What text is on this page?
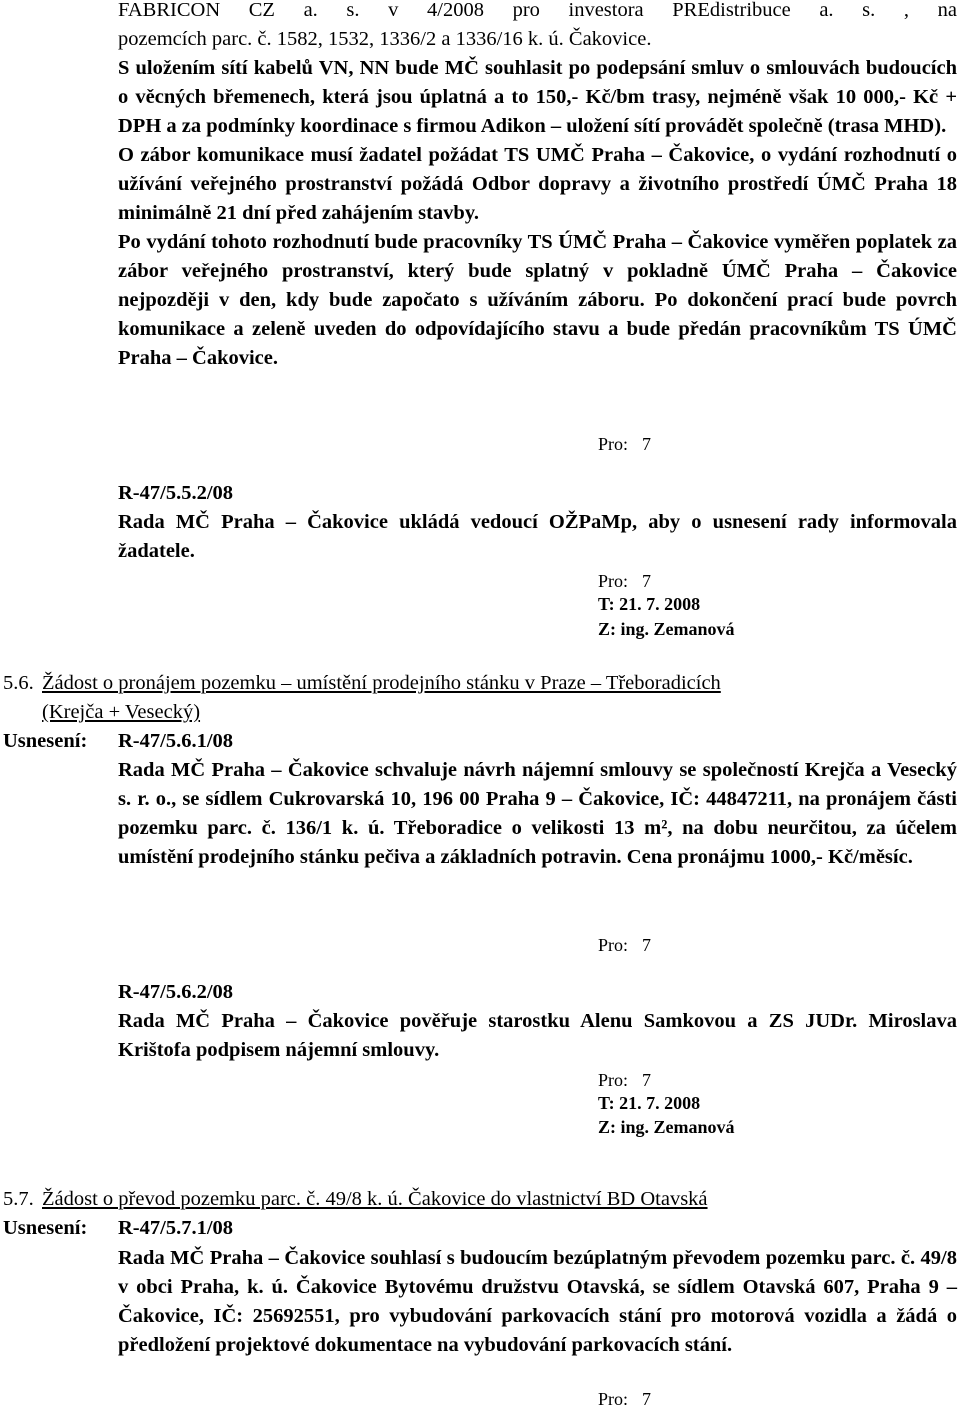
FABRICON CZ a. s. v 4/2008 pro investora PREdistribuce a. s. , na

pozemcích parc. č. 1582, 1532, 1336/2 a 1336/16 k. ú. Čakovice.

S uložením sítí kabelů VN, NN bude MČ souhlasit po podepsání smluv o smlouvách budoucích o věcných břemenech, která jsou úplatná a to 150,- Kč/bm trasy, nejméně však 10 000,- Kč + DPH a za podmínky koordinace s firmou Adikon – uložení sítí provádět společně (trasa MHD).

O zábor komunikace musí žadatel požádat TS UMČ Praha – Čakovice, o vydání rozhodnutí o užívání veřejného prostranství požádá Odbor dopravy a životního prostředí ÚMČ Praha 18 minimálně 21 dní před zahájením stavby.

Po vydání tohoto rozhodnutí bude pracovníky TS ÚMČ Praha – Čakovice vyměřen poplatek za zábor veřejného prostranství, který bude splatný v pokladně ÚMČ Praha – Čakovice nejpozději v den, kdy bude započato s užíváním záboru. Po dokončení prací bude povrch komunikace a zeleně uveden do odpovídajícího stavu a bude předán pracovníkům TS ÚMČ Praha – Čakovice.

Pro: 7

R-47/5.5.2/08

Rada MČ Praha – Čakovice ukládá vedoucí OŽPaMp, aby o usnesení rady informovala žadatele.

Pro: 7
T: 21. 7. 2008
Z: ing. Zemanová
5.6. Žádost o pronájem pozemku – umístění prodejního stánku v Praze – Třeboradicích
(Krejča + Vesecký)
Usnesení: R-47/5.6.1/08

Rada MČ Praha – Čakovice schvaluje návrh nájemní smlouvy se společností Krejča a Vesecký s. r. o., se sídlem Cukrovarská 10, 196 00 Praha 9 – Čakovice, IČ: 44847211, na pronájem části pozemku parc. č. 136/1 k. ú. Třeboradice o velikosti 13 m², na dobu neurčitou, za účelem umístění prodejního stánku pečiva a základních potravin. Cena pronájmu 1000,- Kč/měsíc.

Pro: 7

R-47/5.6.2/08

Rada MČ Praha – Čakovice pověřuje starostku Alenu Samkovou a ZS JUDr. Miroslava Krištofa podpisem nájemní smlouvy.

Pro: 7
T: 21. 7. 2008
Z: ing. Zemanová
5.7. Žádost o převod pozemku parc. č. 49/8 k. ú. Čakovice do vlastnictví BD Otavská
Usnesení: R-47/5.7.1/08

Rada MČ Praha – Čakovice souhlasí s budoucím bezúplatným převodem pozemku parc. č. 49/8 v obci Praha, k. ú. Čakovice Bytovému družstvu Otavská, se sídlem Otavská 607, Praha 9 – Čakovice, IČ: 25692551, pro vybudování parkovacích stání pro motorová vozidla a žádá o předložení projektové dokumentace na vybudování parkovacích stání.

Pro: 7
